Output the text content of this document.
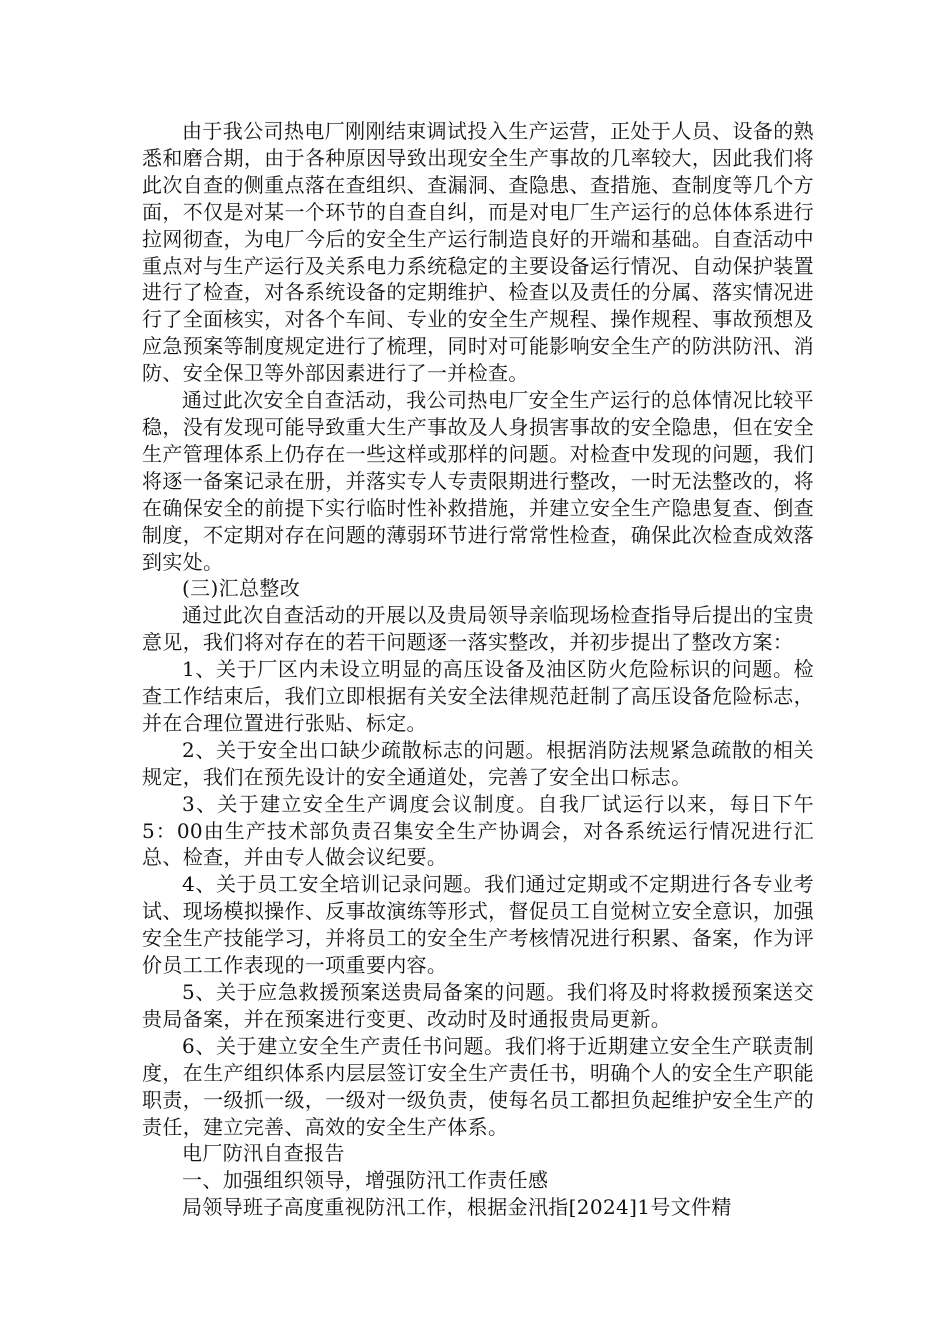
由于我公司热电厂刚刚结束调试投入生产运营，正处于人员、设备的熟悉和磨合期，由于各种原因导致出现安全生产事故的几率较大，因此我们将此次自查的侧重点落在查组织、查漏洞、查隐患、查措施、查制度等几个方面，不仅是对某一个环节的自查自纠，而是对电厂生产运行的总体体系进行拉网彻查，为电厂今后的安全生产运行制造良好的开端和基础。自查活动中重点对与生产运行及关系电力系统稳定的主要设备运行情况、自动保护装置进行了检查，对各系统设备的定期维护、检查以及责任的分属、落实情况进行了全面核实，对各个车间、专业的安全生产规程、操作规程、事故预想及应急预案等制度规定进行了梳理，同时对可能影响安全生产的防洪防汛、消防、安全保卫等外部因素进行了一并检查。

通过此次安全自查活动，我公司热电厂安全生产运行的总体情况比较平稳，没有发现可能导致重大生产事故及人身损害事故的安全隐患，但在安全生产管理体系上仍存在一些这样或那样的问题。对检查中发现的问题，我们将逐一备案记录在册，并落实专人专责限期进行整改，一时无法整改的，将在确保安全的前提下实行临时性补救措施，并建立安全生产隐患复查、倒查制度，不定期对存在问题的薄弱环节进行常常性检查，确保此次检查成效落到实处。

(三)汇总整改

通过此次自查活动的开展以及贵局领导亲临现场检查指导后提出的宝贵意见，我们将对存在的若干问题逐一落实整改，并初步提出了整改方案：

1、关于厂区内未设立明显的高压设备及油区防火危险标识的问题。检查工作结束后，我们立即根据有关安全法律规范赶制了高压设备危险标志，并在合理位置进行张贴、标定。

2、关于安全出口缺少疏散标志的问题。根据消防法规紧急疏散的相关规定，我们在预先设计的安全通道处，完善了安全出口标志。

3、关于建立安全生产调度会议制度。自我厂试运行以来，每日下午5：00由生产技术部负责召集安全生产协调会，对各系统运行情况进行汇总、检查，并由专人做会议纪要。

4、关于员工安全培训记录问题。我们通过定期或不定期进行各专业考试、现场模拟操作、反事故演练等形式，督促员工自觉树立安全意识，加强安全生产技能学习，并将员工的安全生产考核情况进行积累、备案，作为评价员工工作表现的一项重要内容。

5、关于应急救援预案送贵局备案的问题。我们将及时将救援预案送交贵局备案，并在预案进行变更、改动时及时通报贵局更新。

6、关于建立安全生产责任书问题。我们将于近期建立安全生产联责制度，在生产组织体系内层层签订安全生产责任书，明确个人的安全生产职能职责，一级抓一级，一级对一级负责，使每名员工都担负起维护安全生产的责任，建立完善、高效的安全生产体系。

电厂防汛自查报告

一、加强组织领导，增强防汛工作责任感

局领导班子高度重视防汛工作，根据金汛指[2024]1号文件精
